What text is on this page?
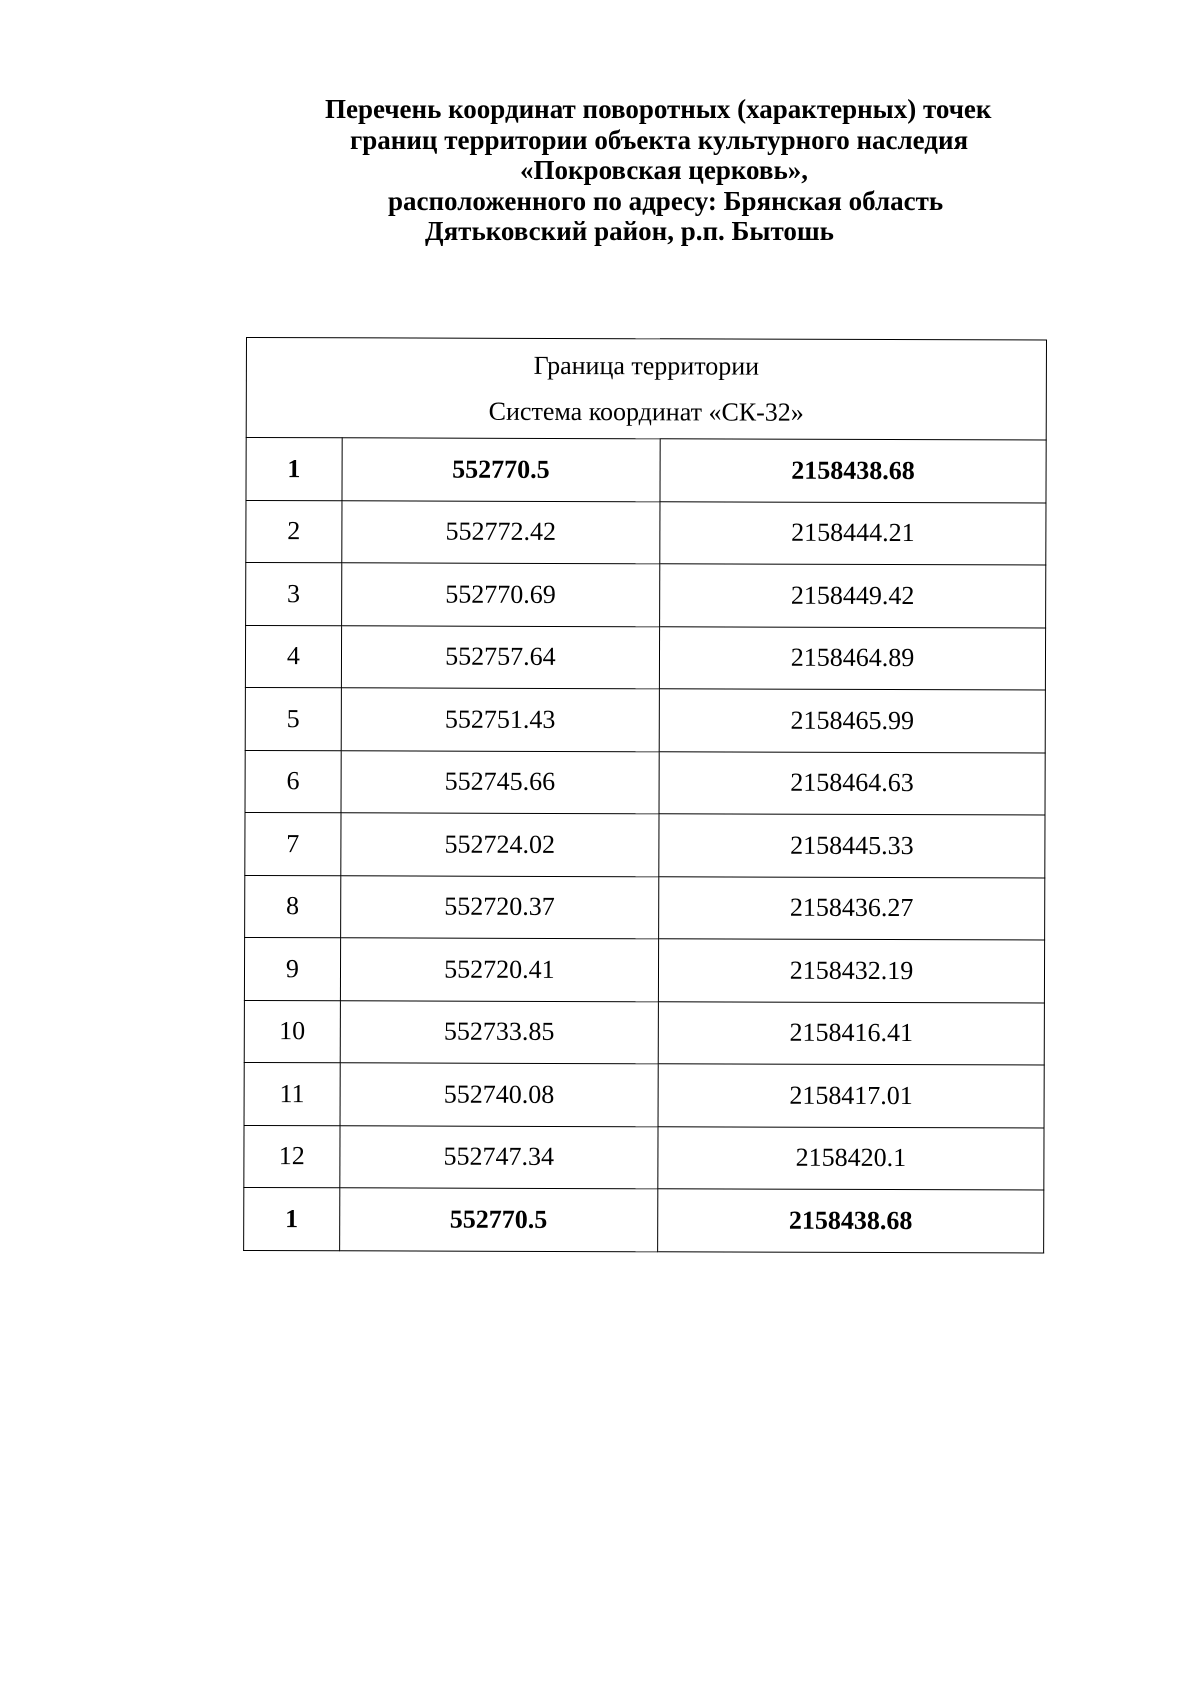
Перечень координат поворотных (характерных) точек
границ территории объекта культурного наследия
«Покровская церковь»,
расположенного по адресу: Брянская область
Дятьковский район, р.п. Бытошь
Граница территории
Система координат «СК-32»		

1	552770.5	2158438.68
2	552772.42	2158444.21
3	552770.69	2158449.42
4	552757.64	2158464.89
5	552751.43	2158465.99
6	552745.66	2158464.63
7	552724.02	2158445.33
8	552720.37	2158436.27
9	552720.41	2158432.19
10	552733.85	2158416.41
11	552740.08	2158417.01
12	552747.34	2158420.1
1	552770.5	2158438.68
